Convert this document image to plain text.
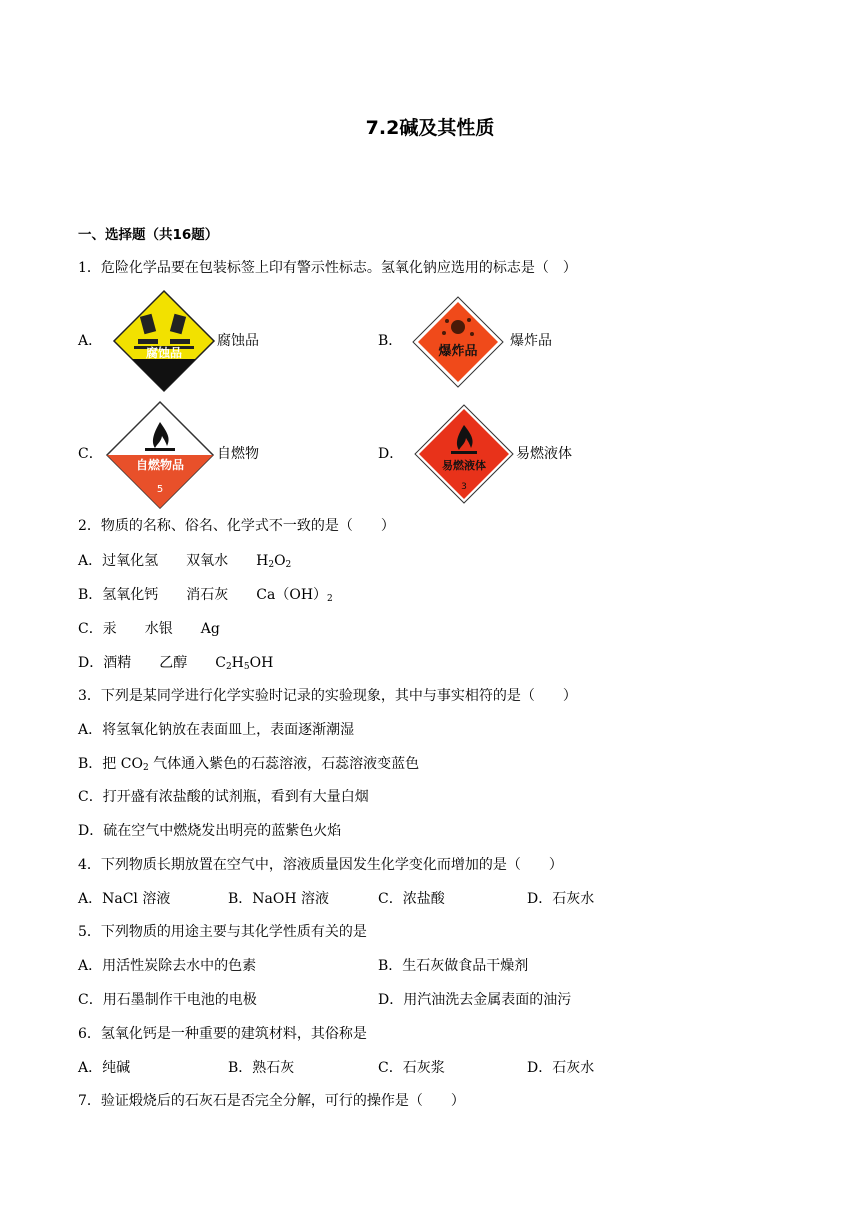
7.2碱及其性质
一、选择题（共16题）
1．危险化学品要在包装标签上印有警示性标志。氢氧化钠应选用的标志是（　）
A．
腐蚀品
腐蚀品	B．
爆炸品
爆炸品
C．
自燃物品
5
自燃物	D．
易燃液体
3
易燃液体
2．物质的名称、俗名、化学式不一致的是（　　）
A．过氧化氢　　双氧水　　$H_2O_2$
B．氢氧化钙　　消石灰　　$Ca(OH)_2$
C．汞　　水银　　Ag
D．酒精　　乙醇　　$C_2H_5OH$
3．下列是某同学进行化学实验时记录的实验现象，其中与事实相符的是（　　）
A．将氢氧化钠放在表面皿上，表面逐渐潮湿
B．把 $CO_2$ 气体通入紫色的石蕊溶液，石蕊溶液变蓝色
C．打开盛有浓盐酸的试剂瓶，看到有大量白烟
D．硫在空气中燃烧发出明亮的蓝紫色火焰
4．下列物质长期放置在空气中，溶液质量因发生化学变化而增加的是（　　）
A．NaCl 溶液	B．NaOH 溶液	C．浓盐酸	D．石灰水
5．下列物质的用途主要与其化学性质有关的是
A．用活性炭除去水中的色素	B．生石灰做食品干燥剂
C．用石墨制作干电池的电极	D．用汽油洗去金属表面的油污
6．氢氧化钙是一种重要的建筑材料，其俗称是
A．纯碱	B．熟石灰	C．石灰浆	D．石灰水
7．验证煅烧后的石灰石是否完全分解，可行的操作是（　　）
